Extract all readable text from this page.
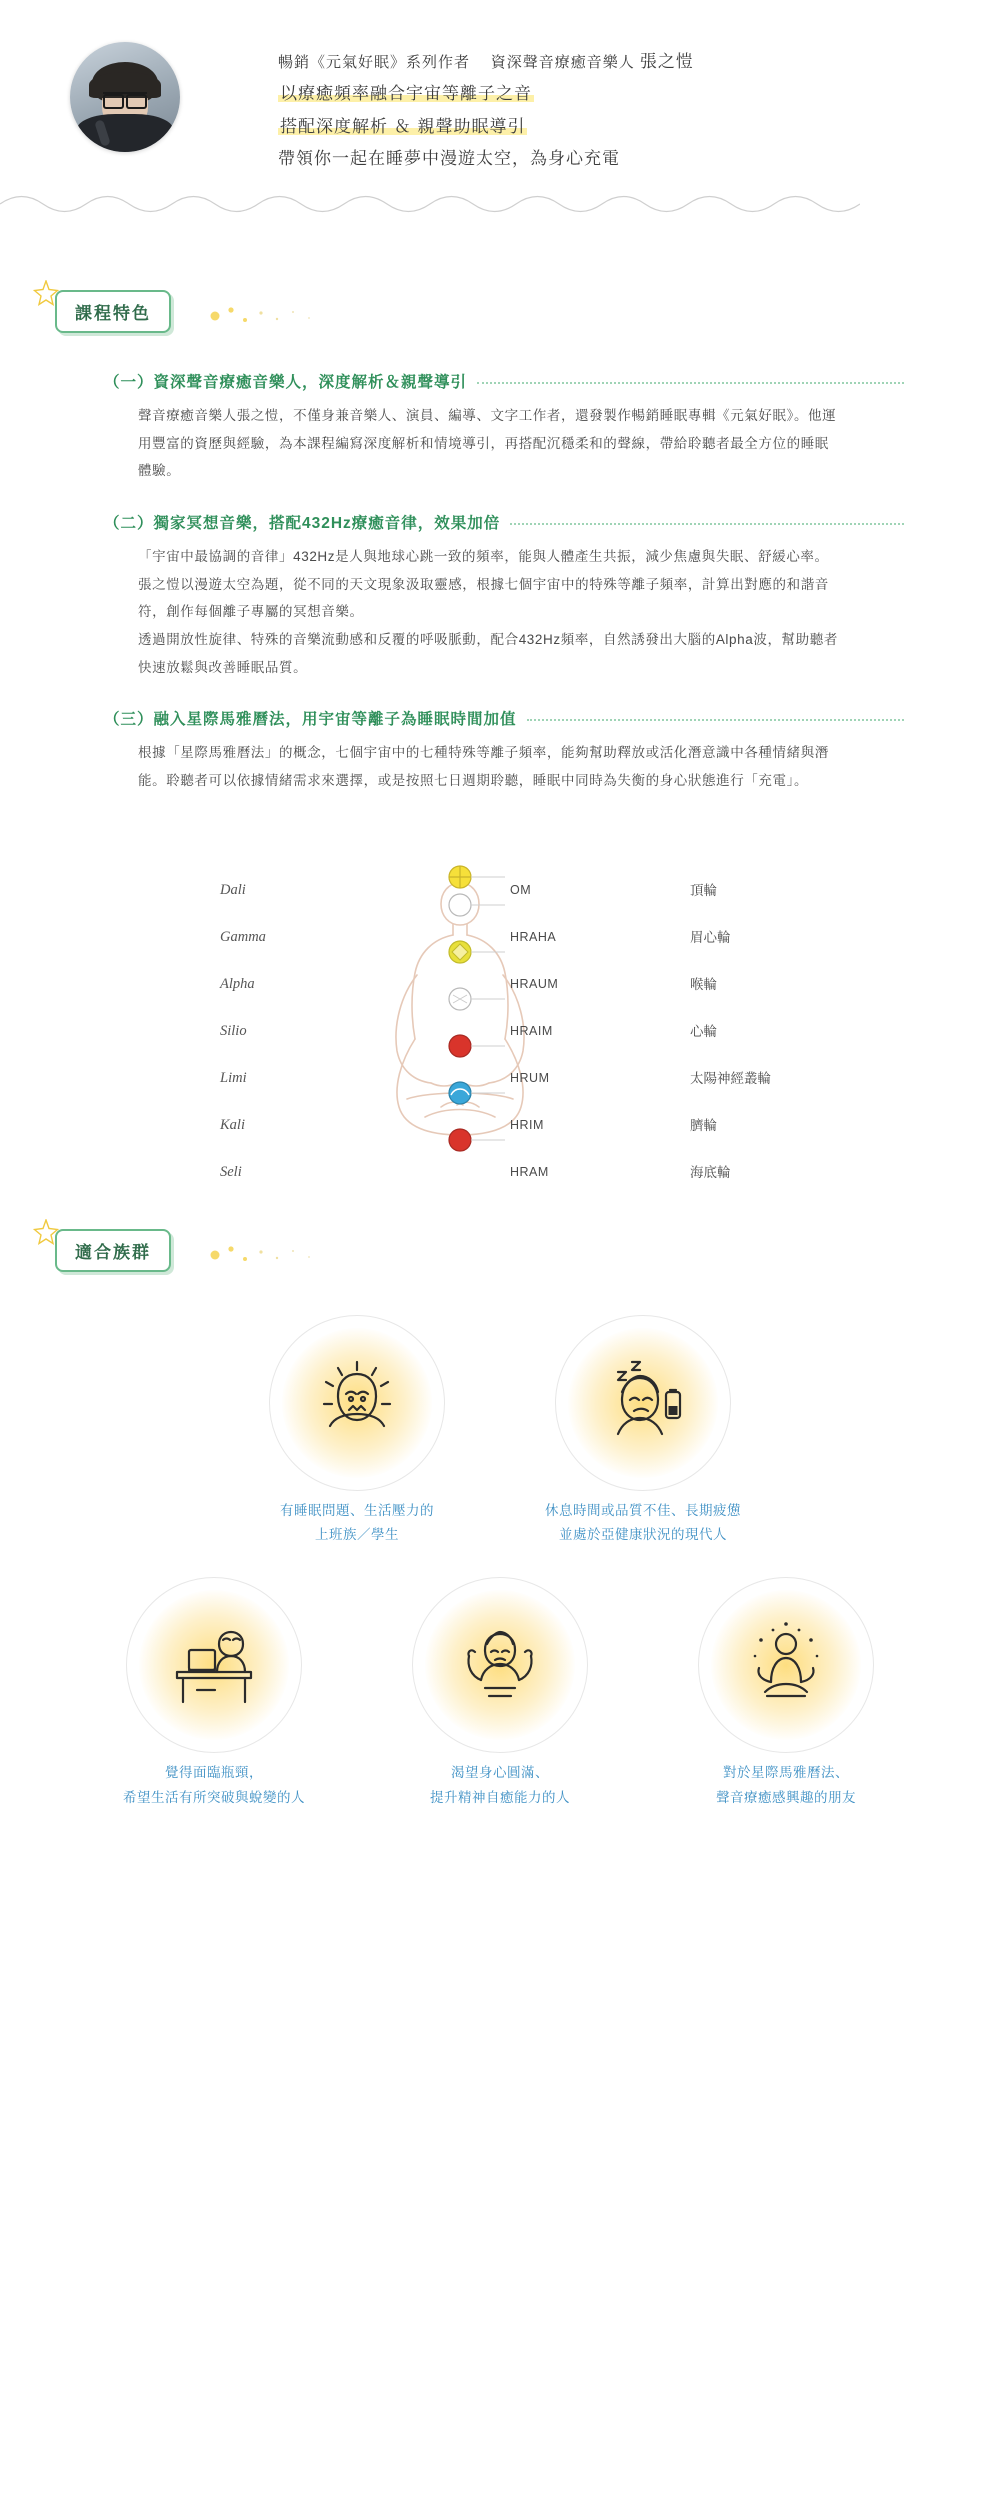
暢銷《元氣好眠》系列作者 資深聲音療癒音樂人 張之愷
以療癒頻率融合宇宙等離子之音
搭配深度解析 ＆ 親聲助眠導引
帶領你一起在睡夢中漫遊太空，為身心充電
課程特色
（一）資深聲音療癒音樂人，深度解析＆親聲導引

聲音療癒音樂人張之愷，不僅身兼音樂人、演員、編導、文字工作者，還發製作暢銷睡眠專輯《元氣好眠》。他運用豐富的資歷與經驗，為本課程編寫深度解析和情境導引，再搭配沉穩柔和的聲線，帶給聆聽者最全方位的睡眠體驗。

（二）獨家冥想音樂，搭配432Hz療癒音律，效果加倍

「宇宙中最協調的音律」432Hz是人與地球心跳一致的頻率，能與人體產生共振，減少焦慮與失眠、舒緩心率。

張之愷以漫遊太空為題，從不同的天文現象汲取靈感，根據七個宇宙中的特殊等離子頻率，計算出對應的和諧音符，創作每個離子專屬的冥想音樂。

透過開放性旋律、特殊的音樂流動感和反覆的呼吸脈動，配合432Hz頻率，自然誘發出大腦的Alpha波，幫助聽者快速放鬆與改善睡眠品質。

（三）融入星際馬雅曆法，用宇宙等離子為睡眠時間加值

根據「星際馬雅曆法」的概念，七個宇宙中的七種特殊等離子頻率，能夠幫助釋放或活化潛意識中各種情緒與潛能。聆聽者可以依據情緒需求來選擇，或是按照七日週期聆聽，睡眠中同時為失衡的身心狀態進行「充電」。

Dali
Gamma
Alpha
Silio
Limi
Kali
Seli
OM
HRAHA
HRAUM
HRAIM
HRUM
HRIM
HRAM
頂輪
眉心輪
喉輪
心輪
太陽神經叢輪
臍輪
海底輪
適合族群
有睡眠問題、生活壓力的
上班族／學生
休息時間或品質不佳、長期疲憊
並處於亞健康狀況的現代人
覺得面臨瓶頸，
希望生活有所突破與蛻變的人
渴望身心圓滿、
提升精神自癒能力的人
對於星際馬雅曆法、
聲音療癒感興趣的朋友
